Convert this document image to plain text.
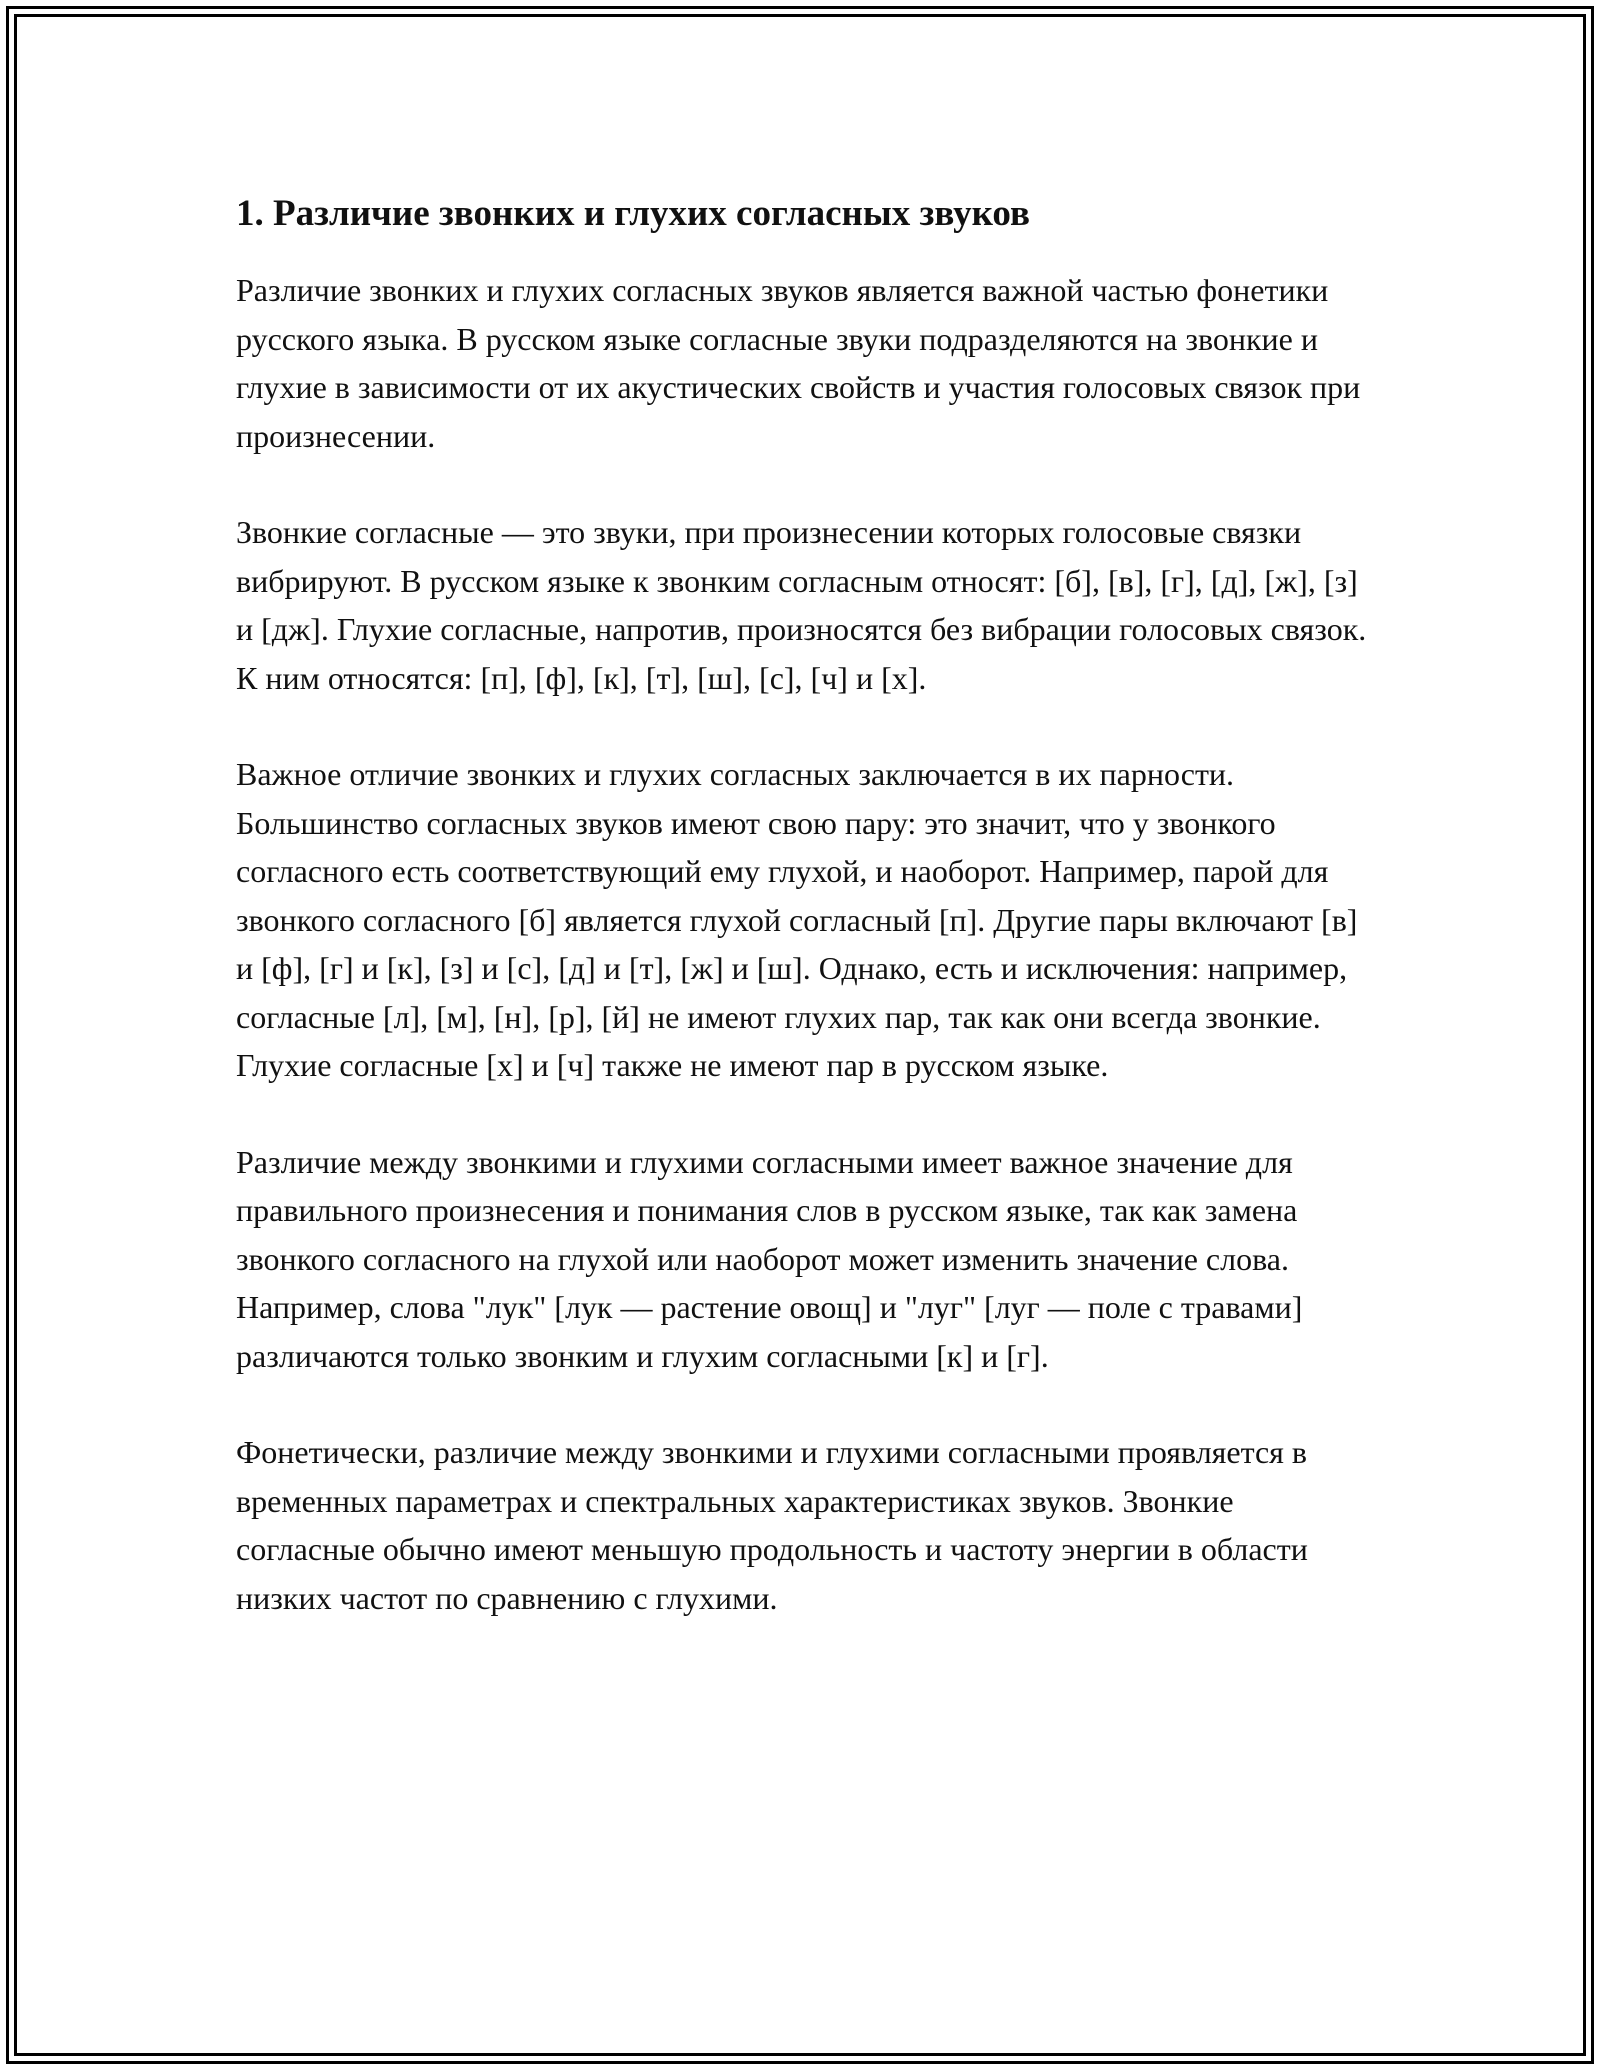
1. Различие звонких и глухих согласных звуков

Различие звонких и глухих согласных звуков является важной частью фонетики русского языка. В русском языке согласные звуки подразделяются на звонкие и глухие в зависимости от их акустических свойств и участия голосовых связок при произнесении.

Звонкие согласные — это звуки, при произнесении которых голосовые связки вибрируют. В русском языке к звонким согласным относят: [б], [в], [г], [д], [ж], [з] и [дж]. Глухие согласные, напротив, произносятся без вибрации голосовых связок. К ним относятся: [п], [ф], [к], [т], [ш], [с], [ч] и [х].

Важное отличие звонких и глухих согласных заключается в их парности. Большинство согласных звуков имеют свою пару: это значит, что у звонкого согласного есть соответствующий ему глухой, и наоборот. Например, парой для звонкого согласного [б] является глухой согласный [п]. Другие пары включают [в] и [ф], [г] и [к], [з] и [с], [д] и [т], [ж] и [ш]. Однако, есть и исключения: например, согласные [л], [м], [н], [р], [й] не имеют глухих пар, так как они всегда звонкие. Глухие согласные [х] и [ч] также не имеют пар в русском языке.

Различие между звонкими и глухими согласными имеет важное значение для правильного произнесения и понимания слов в русском языке, так как замена звонкого согласного на глухой или наоборот может изменить значение слова. Например, слова "лук" [лук — растение овощ] и "луг" [луг — поле с травами] различаются только звонким и глухим согласными [к] и [г].

Фонетически, различие между звонкими и глухими согласными проявляется в временных параметрах и спектральных характеристиках звуков. Звонкие согласные обычно имеют меньшую продольность и частоту энергии в области низких частот по сравнению с глухими.
